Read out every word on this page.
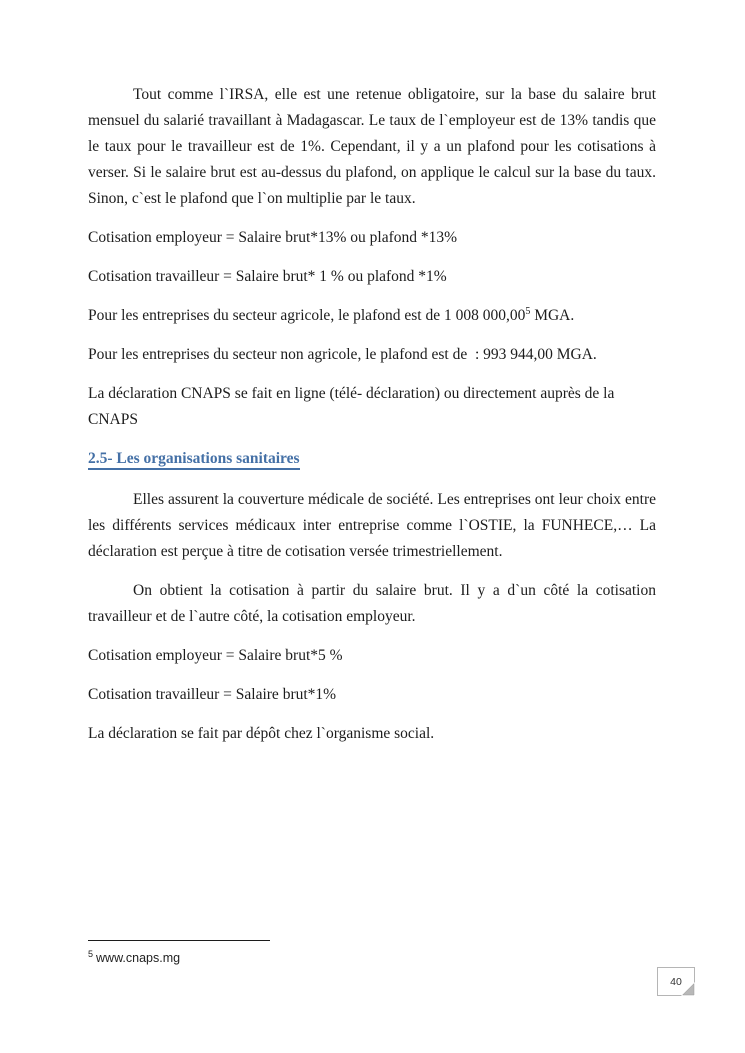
Tout comme l`IRSA, elle est une retenue obligatoire, sur la base du salaire brut mensuel du salarié travaillant à Madagascar. Le taux de l`employeur est de 13% tandis que le taux pour le travailleur est de 1%. Cependant, il y a un plafond pour les cotisations à verser. Si le salaire brut est au-dessus du plafond, on applique le calcul sur la base du taux. Sinon, c`est le plafond que l`on multiplie par le taux.

Cotisation employeur = Salaire brut*13% ou plafond *13%

Cotisation travailleur = Salaire brut* 1 % ou plafond *1%

Pour les entreprises du secteur agricole, le plafond est de 1 008 000,00$^5$ MGA.

Pour les entreprises du secteur non agricole, le plafond est de  : 993 944,00 MGA.

La déclaration CNAPS se fait en ligne (télé- déclaration) ou directement auprès de la CNAPS

2.5- Les organisations sanitaires

Elles assurent la couverture médicale de société. Les entreprises ont leur choix entre les différents services médicaux inter entreprise comme l`OSTIE, la FUNHECE,… La déclaration est perçue à titre de cotisation versée trimestriellement.

On obtient la cotisation à partir du salaire brut. Il y a d`un côté la cotisation travailleur et de l`autre côté, la cotisation employeur.

Cotisation employeur = Salaire brut*5 %

Cotisation travailleur = Salaire brut*1%

La déclaration se fait par dépôt chez l`organisme social.

$^5$ www.cnaps.mg
40
